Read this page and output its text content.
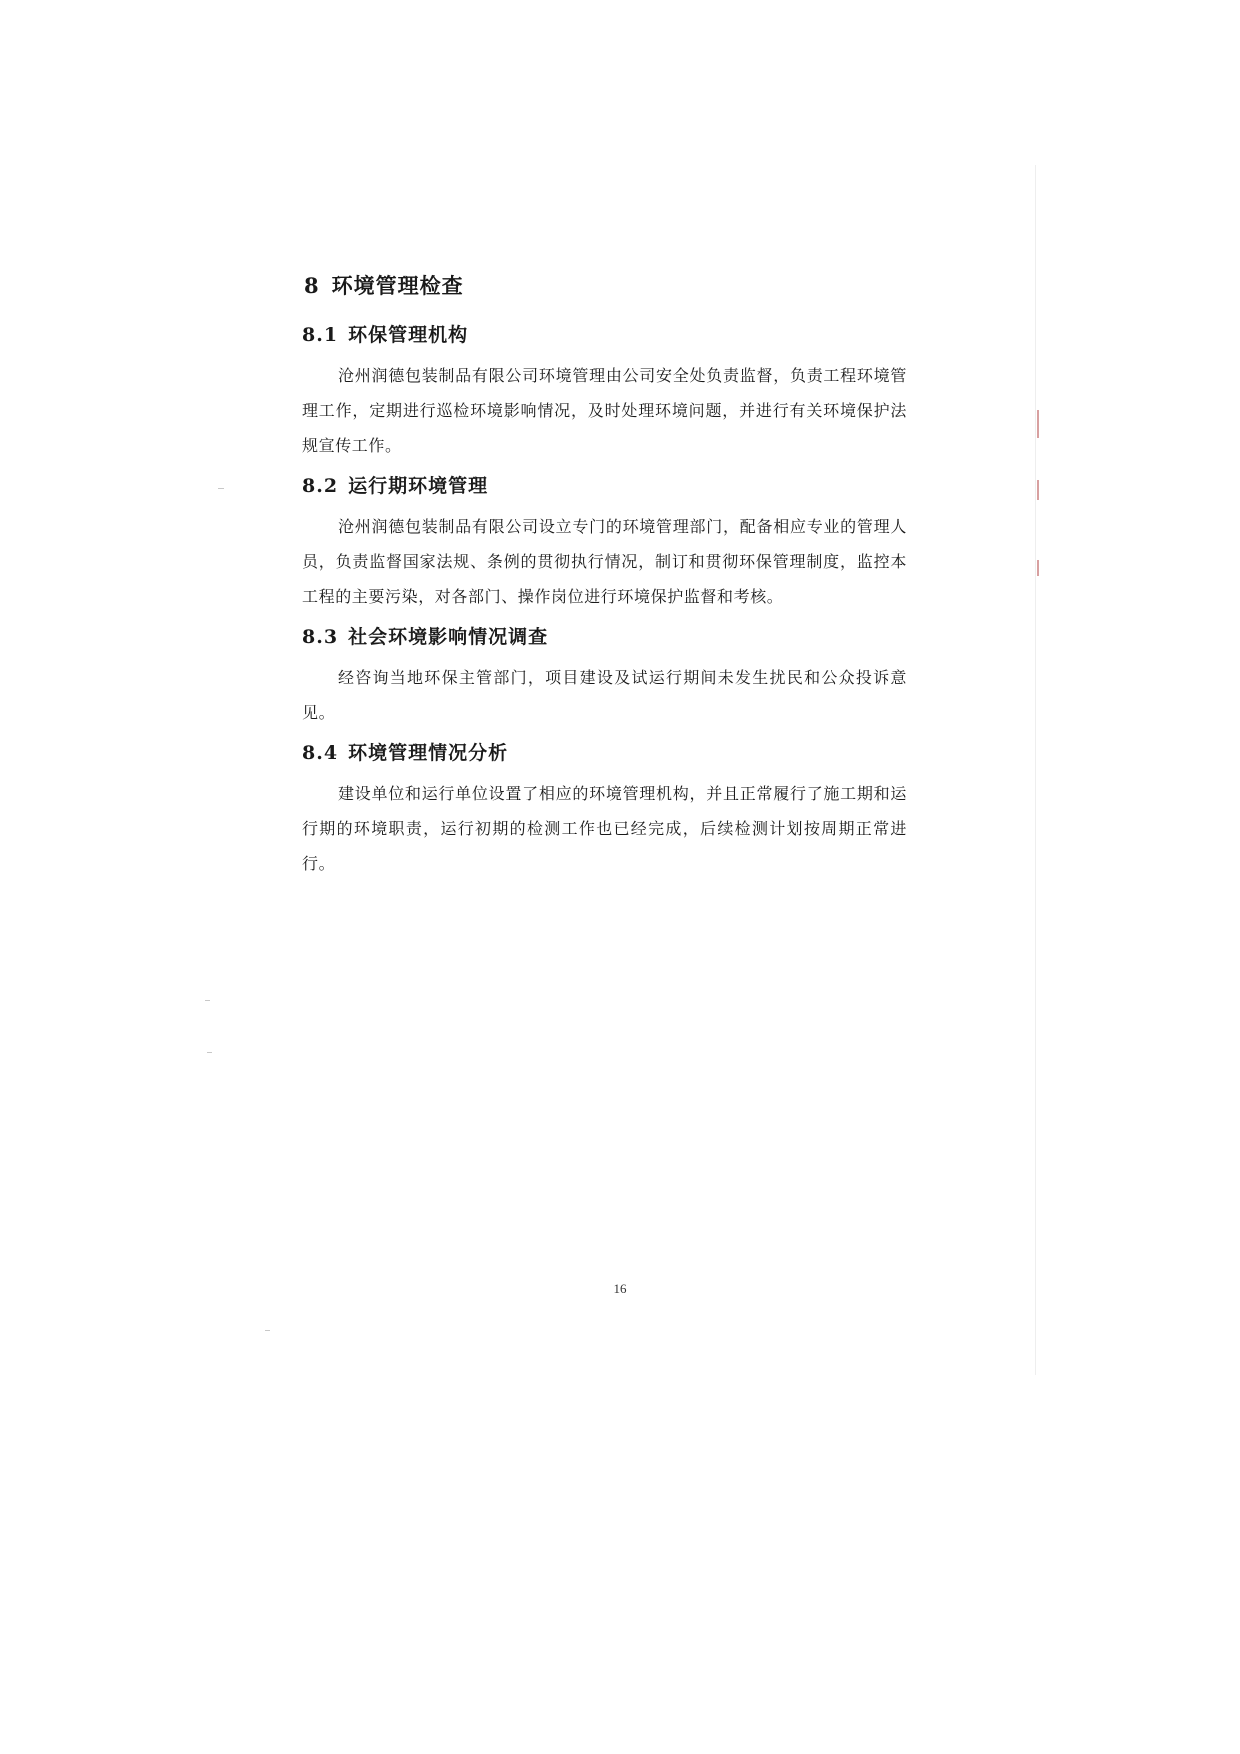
8 环境管理检查
8.1 环保管理机构

沧州润德包装制品有限公司环境管理由公司安全处负责监督，负责工程环境管理工作，定期进行巡检环境影响情况，及时处理环境问题，并进行有关环境保护法规宣传工作。

8.2 运行期环境管理

沧州润德包装制品有限公司设立专门的环境管理部门，配备相应专业的管理人员，负责监督国家法规、条例的贯彻执行情况，制订和贯彻环保管理制度，监控本工程的主要污染，对各部门、操作岗位进行环境保护监督和考核。

8.3 社会环境影响情况调查

经咨询当地环保主管部门，项目建设及试运行期间未发生扰民和公众投诉意见。

8.4 环境管理情况分析

建设单位和运行单位设置了相应的环境管理机构，并且正常履行了施工期和运行期的环境职责，运行初期的检测工作也已经完成，后续检测计划按周期正常进行。

16
